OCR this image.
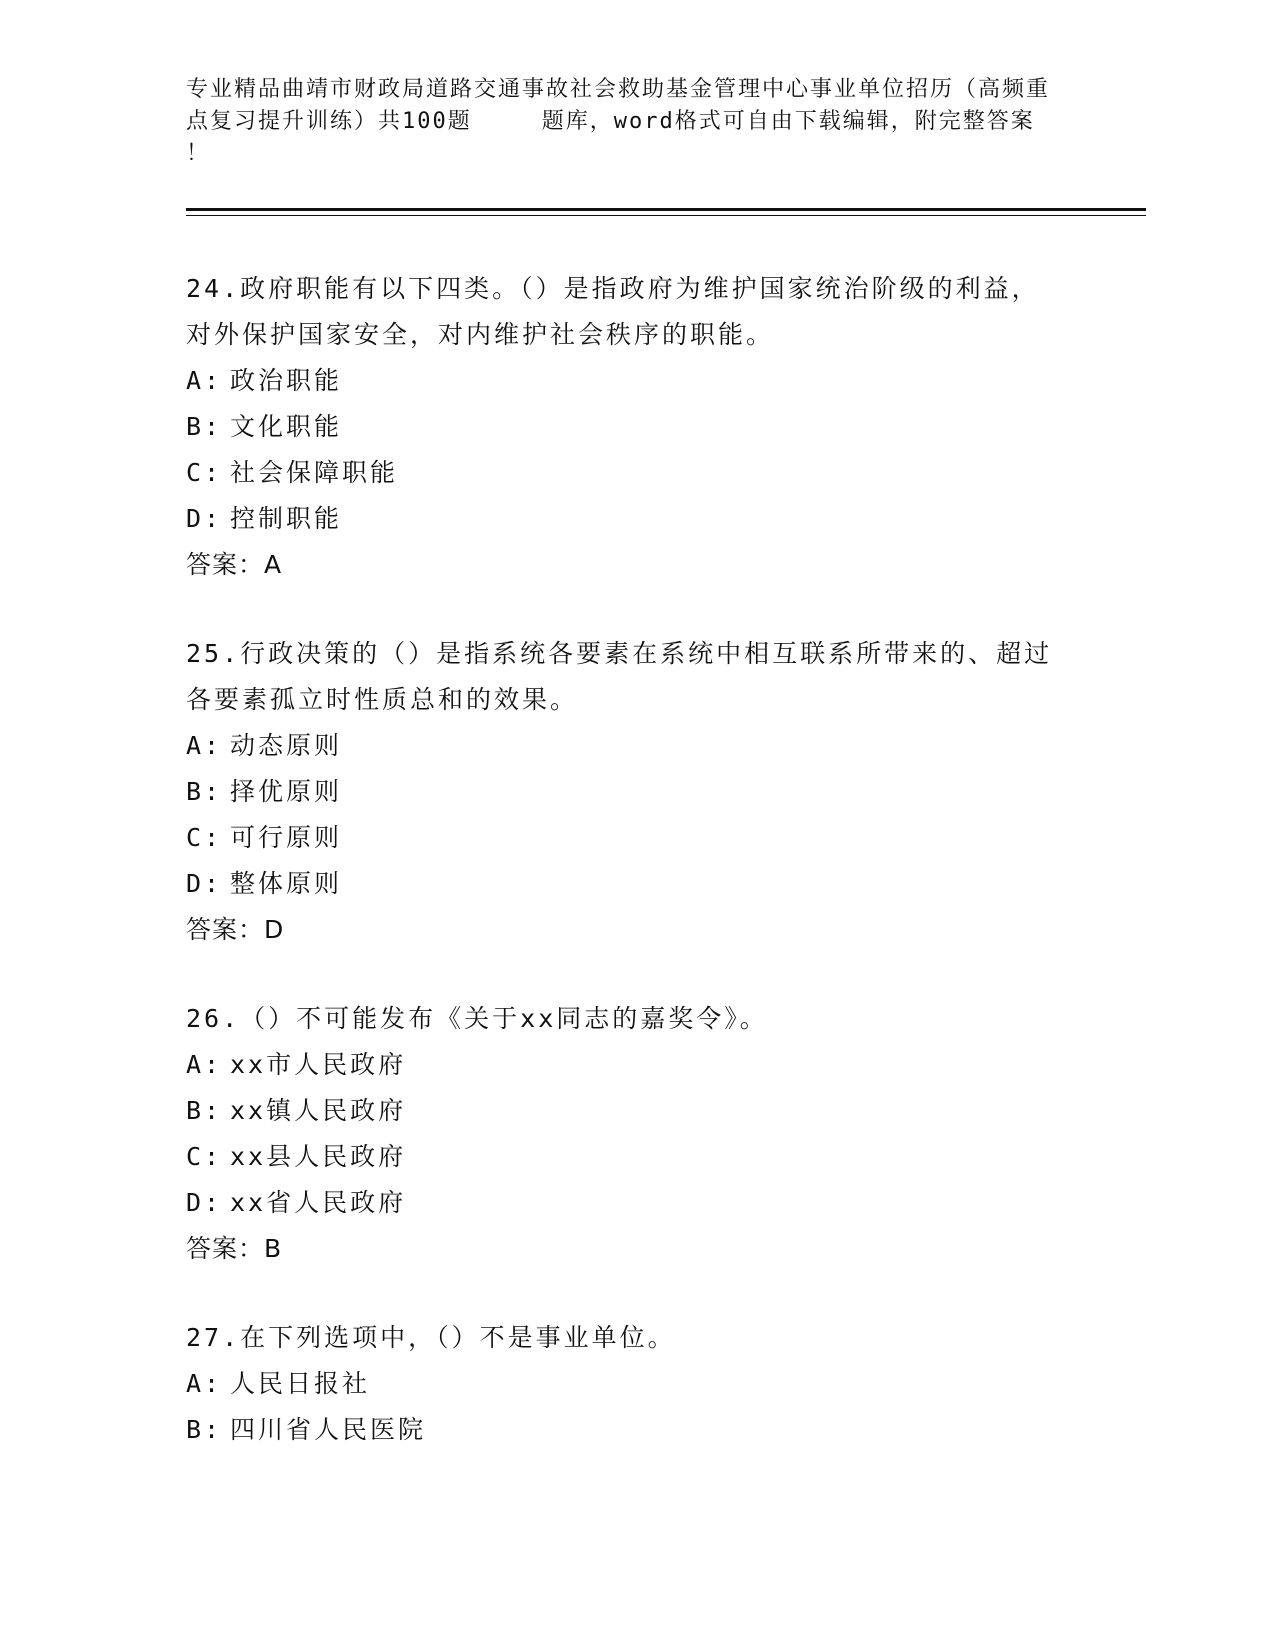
专业精品曲靖市财政局道路交通事故社会救助基金管理中心事业单位招历（高频重
点复习提升训练）共100题	题库，word格式可自由下载编辑，附完整答案
！
24.政府职能有以下四类。（）是指政府为维护国家统治阶级的利益，
对外保护国家安全，对内维护社会秩序的职能。
A: 政治职能
B: 文化职能
C: 社会保障职能
D: 控制职能
答案：A
25.行政决策的（）是指系统各要素在系统中相互联系所带来的、超过
各要素孤立时性质总和的效果。
A: 动态原则
B: 择优原则
C: 可行原则
D: 整体原则
答案：D
26.（）不可能发布《关于xx同志的嘉奖令》。
A: xx市人民政府
B: xx镇人民政府
C: xx县人民政府
D: xx省人民政府
答案：B
27.在下列选项中，（）不是事业单位。
A: 人民日报社
B: 四川省人民医院
